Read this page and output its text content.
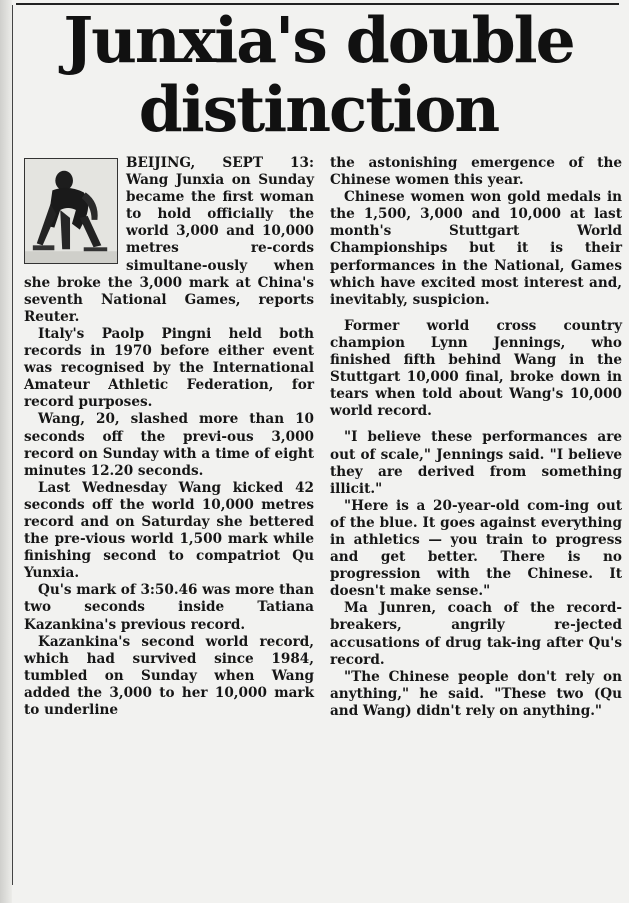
Junxia's double distinction

BEIJING, SEPT 13: Wang Junxia on Sunday became the first woman to hold officially the world 3,000 and 10,000 metres re-cords simultane-ously when she broke the 3,000 mark at China's seventh National Games, reports Reuter.

Italy's Paolp Pingni held both records in 1970 before either event was recognised by the International Amateur Athletic Federation, for record purposes.

Wang, 20, slashed more than 10 seconds off the previ-ous 3,000 record on Sunday with a time of eight minutes 12.20 seconds.

Last Wednesday Wang kicked 42 seconds off the world 10,000 metres record and on Saturday she bettered the pre-vious world 1,500 mark while finishing second to compatriot Qu Yunxia.

Qu's mark of 3:50.46 was more than two seconds inside Tatiana Kazankina's previous record.

Kazankina's second world record, which had survived since 1984, tumbled on Sunday when Wang added the 3,000 to her 10,000 mark to underline

the astonishing emergence of the Chinese women this year.

Chinese women won gold medals in the 1,500, 3,000 and 10,000 at last month's Stuttgart World Championships but it is their performances in the National, Games which have excited most interest and, inevitably, suspicion.

Former world cross country champion Lynn Jennings, who finished fifth behind Wang in the Stuttgart 10,000 final, broke down in tears when told about Wang's 10,000 world record.

"I believe these performances are out of scale," Jennings said. "I believe they are derived from something illicit."

"Here is a 20-year-old com-ing out of the blue. It goes against everything in athletics — you train to progress and get better. There is no progression with the Chinese. It doesn't make sense."

Ma Junren, coach of the record-breakers, angrily re-jected accusations of drug tak-ing after Qu's record.

"The Chinese people don't rely on anything," he said. "These two (Qu and Wang) didn't rely on anything."
